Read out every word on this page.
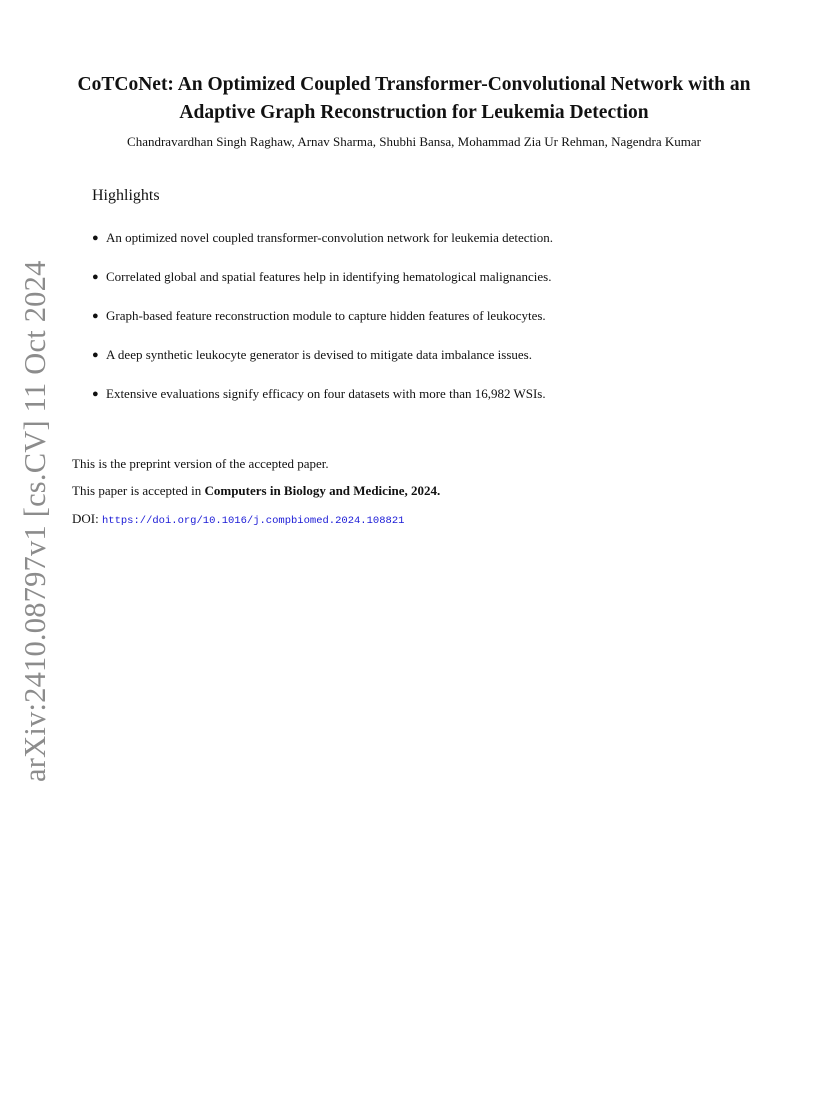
arXiv:2410.08797v1 [cs.CV] 11 Oct 2024
CoTCoNet: An Optimized Coupled Transformer-Convolutional Network with an
Adaptive Graph Reconstruction for Leukemia Detection
Chandravardhan Singh Raghaw, Arnav Sharma, Shubhi Bansa, Mohammad Zia Ur Rehman, Nagendra Kumar
Highlights
● An optimized novel coupled transformer-convolution network for leukemia detection.
● Correlated global and spatial features help in identifying hematological malignancies.
● Graph-based feature reconstruction module to capture hidden features of leukocytes.
● A deep synthetic leukocyte generator is devised to mitigate data imbalance issues.
● Extensive evaluations signify efficacy on four datasets with more than 16,982 WSIs.
This is the preprint version of the accepted paper.
This paper is accepted in Computers in Biology and Medicine, 2024.
DOI: https://doi.org/10.1016/j.compbiomed.2024.108821
